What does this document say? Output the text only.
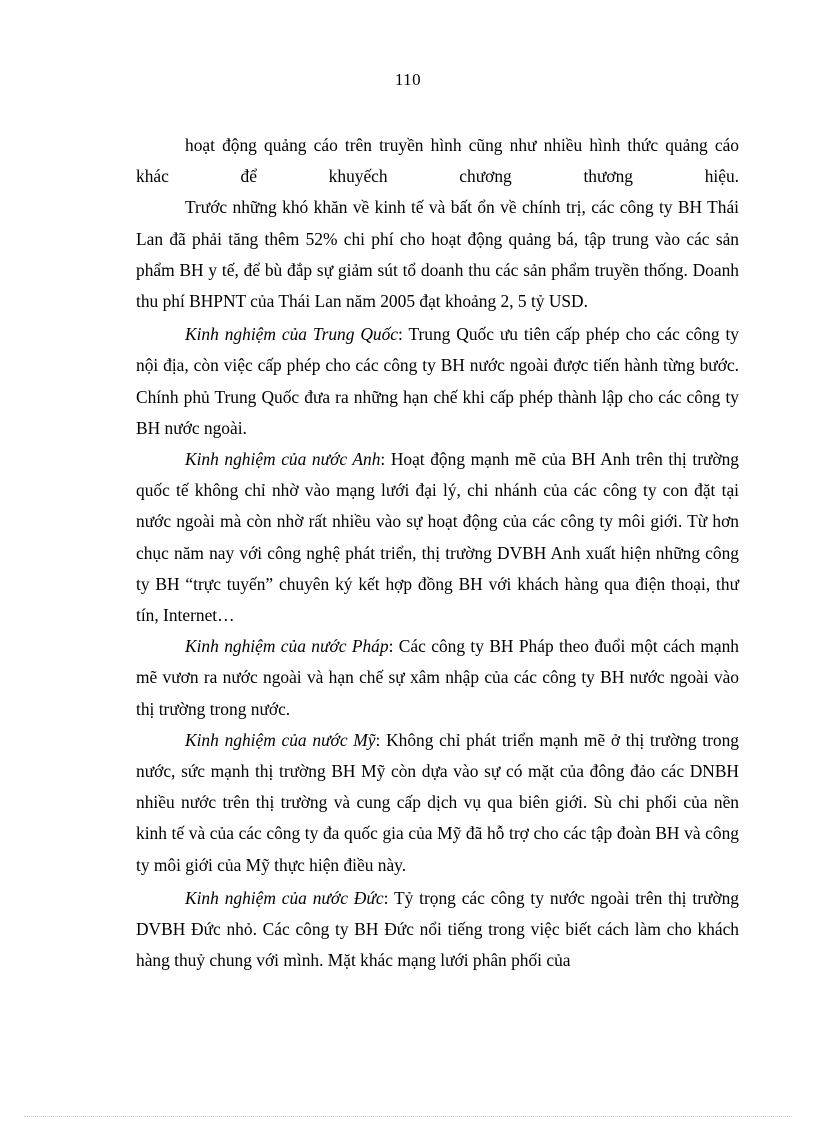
110

hoạt động quảng cáo trên truyền hình cũng như nhiều hình thức quảng cáo khác để khuyếch chương thương hiệu.

Trước những khó khăn về kinh tế và bất ổn về chính trị, các công ty BH Thái Lan đã phải tăng thêm 52% chi phí cho hoạt động quảng bá, tập trung vào các sản phẩm BH y tế, để bù đắp sự giảm sút tổ doanh thu các sản phẩm truyền thống. Doanh thu phí BHPNT của Thái Lan năm 2005 đạt khoảng 2, 5 tỷ USD.

Kinh nghiệm của Trung Quốc: Trung Quốc ưu tiên cấp phép cho các công ty nội địa, còn việc cấp phép cho các công ty BH nước ngoài được tiến hành từng bước. Chính phủ Trung Quốc đưa ra những hạn chế khi cấp phép thành lập cho các công ty BH nước ngoài.

Kinh nghiệm của nước Anh: Hoạt động mạnh mẽ của BH Anh trên thị trường quốc tế không chỉ nhờ vào mạng lưới đại lý, chi nhánh của các công ty con đặt tại nước ngoài mà còn nhờ rất nhiều vào sự hoạt động của các công ty môi giới. Từ hơn chục năm nay với công nghệ phát triển, thị trường DVBH Anh xuất hiện những công ty BH “trực tuyến” chuyên ký kết hợp đồng BH với khách hàng qua điện thoại, thư tín, Internet…

Kinh nghiệm của nước Pháp: Các công ty BH Pháp theo đuổi một cách mạnh mẽ vươn ra nước ngoài và hạn chế sự xâm nhập của các công ty BH nước ngoài vào thị trường trong nước.

Kinh nghiệm của nước Mỹ: Không chỉ phát triển mạnh mẽ ở thị trường trong nước, sức mạnh thị trường BH Mỹ còn dựa vào sự có mặt của đông đảo các DNBH nhiều nước trên thị trường và cung cấp dịch vụ qua biên giới. Sù chi phối của nền kinh tế và của các công ty đa quốc gia của Mỹ đã hỗ trợ cho các tập đoàn BH và công ty môi giới của Mỹ thực hiện điều này.

Kinh nghiệm của nước Đức: Tỷ trọng các công ty nước ngoài trên thị trường DVBH Đức nhỏ. Các công ty BH Đức nổi tiếng trong việc biết cách làm cho khách hàng thuỷ chung với mình. Mặt khác mạng lưới phân phối của
